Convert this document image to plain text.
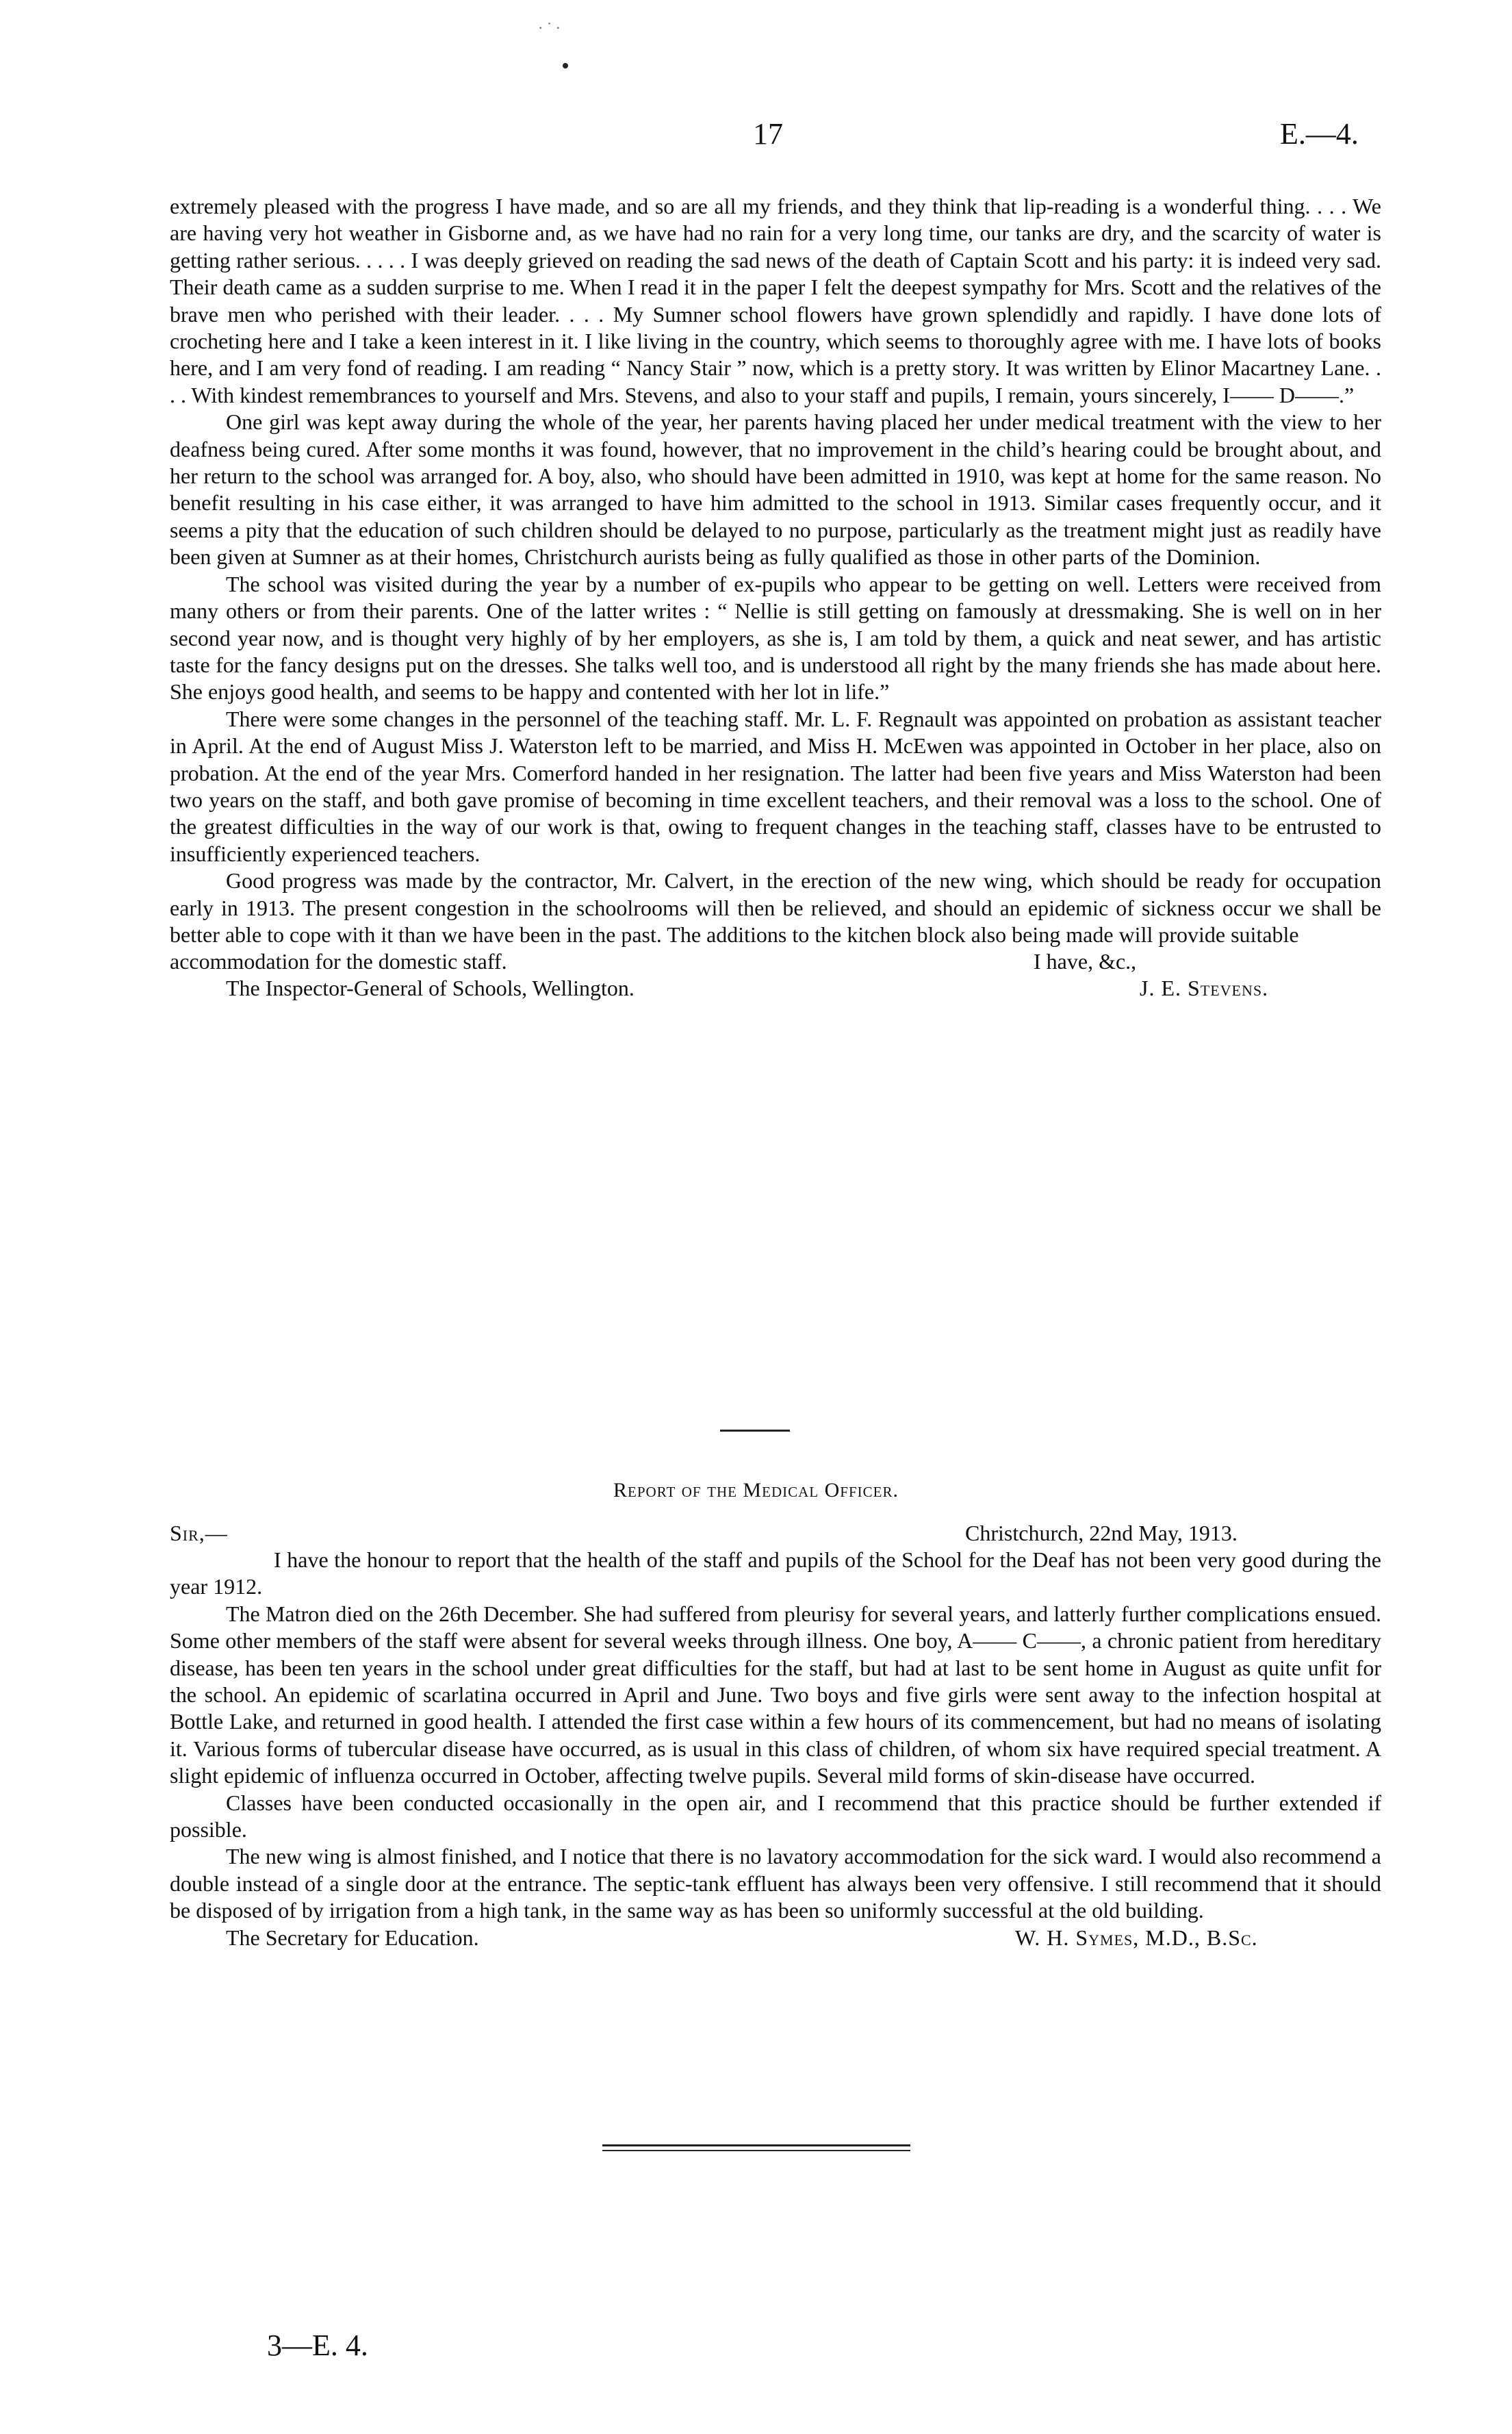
· ˙ ·
17	E.—4.

extremely pleased with the progress I have made, and so are all my friends, and they think that lip-reading is a wonderful thing. . . . We are having very hot weather in Gisborne and, as we have had no rain for a very long time, our tanks are dry, and the scarcity of water is getting rather serious. . . . . I was deeply grieved on reading the sad news of the death of Captain Scott and his party: it is indeed very sad. Their death came as a sudden surprise to me. When I read it in the paper I felt the deepest sympathy for Mrs. Scott and the relatives of the brave men who perished with their leader. . . . My Sumner school flowers have grown splendidly and rapidly. I have done lots of crocheting here and I take a keen interest in it. I like living in the country, which seems to thoroughly agree with me. I have lots of books here, and I am very fond of reading. I am reading “ Nancy Stair ” now, which is a pretty story. It was written by Elinor Macartney Lane. . . . With kindest remembrances to yourself and Mrs. Stevens, and also to your staff and pupils, I remain, yours sincerely, I—— D——.”

One girl was kept away during the whole of the year, her parents having placed her under medical treatment with the view to her deafness being cured. After some months it was found, however, that no improvement in the child’s hearing could be brought about, and her return to the school was arranged for. A boy, also, who should have been admitted in 1910, was kept at home for the same reason. No benefit resulting in his case either, it was arranged to have him admitted to the school in 1913. Similar cases frequently occur, and it seems a pity that the education of such children should be delayed to no purpose, particularly as the treatment might just as readily have been given at Sumner as at their homes, Christchurch aurists being as fully qualified as those in other parts of the Dominion.

The school was visited during the year by a number of ex-pupils who appear to be getting on well. Letters were received from many others or from their parents. One of the latter writes : “ Nellie is still getting on famously at dressmaking. She is well on in her second year now, and is thought very highly of by her employers, as she is, I am told by them, a quick and neat sewer, and has artistic taste for the fancy designs put on the dresses. She talks well too, and is understood all right by the many friends she has made about here. She enjoys good health, and seems to be happy and contented with her lot in life.”

There were some changes in the personnel of the teaching staff. Mr. L. F. Regnault was appointed on probation as assistant teacher in April. At the end of August Miss J. Waterston left to be married, and Miss H. McEwen was appointed in October in her place, also on probation. At the end of the year Mrs. Comerford handed in her resignation. The latter had been five years and Miss Waterston had been two years on the staff, and both gave promise of becoming in time excellent teachers, and their removal was a loss to the school. One of the greatest difficulties in the way of our work is that, owing to frequent changes in the teaching staff, classes have to be entrusted to insufficiently experienced teachers.

Good progress was made by the contractor, Mr. Calvert, in the erection of the new wing, which should be ready for occupation early in 1913. The present congestion in the schoolrooms will then be relieved, and should an epidemic of sickness occur we shall be better able to cope with it than we have been in the past. The additions to the kitchen block also being made will provide suitable

accommodation for the domestic staff.	I have, &c.,
The Inspector-General of Schools, Wellington.	J. E. Stevens.
Report of the Medical Officer.
Sir,—	Christchurch, 22nd May, 1913.

I have the honour to report that the health of the staff and pupils of the School for the Deaf has not been very good during the year 1912.

The Matron died on the 26th December. She had suffered from pleurisy for several years, and latterly further complications ensued. Some other members of the staff were absent for several weeks through illness. One boy, A—— C——, a chronic patient from hereditary disease, has been ten years in the school under great difficulties for the staff, but had at last to be sent home in August as quite unfit for the school. An epidemic of scarlatina occurred in April and June. Two boys and five girls were sent away to the infection hospital at Bottle Lake, and returned in good health. I attended the first case within a few hours of its commencement, but had no means of isolating it. Various forms of tubercular disease have occurred, as is usual in this class of children, of whom six have required special treatment. A slight epidemic of influenza occurred in October, affecting twelve pupils. Several mild forms of skin-disease have occurred.

Classes have been conducted occasionally in the open air, and I recommend that this practice should be further extended if possible.

The new wing is almost finished, and I notice that there is no lavatory accommodation for the sick ward. I would also recommend a double instead of a single door at the entrance. The septic-tank effluent has always been very offensive. I still recommend that it should be disposed of by irrigation from a high tank, in the same way as has been so uniformly successful at the old building.

The Secretary for Education.	W. H. Symes, M.D., B.Sc.
3—E. 4.
